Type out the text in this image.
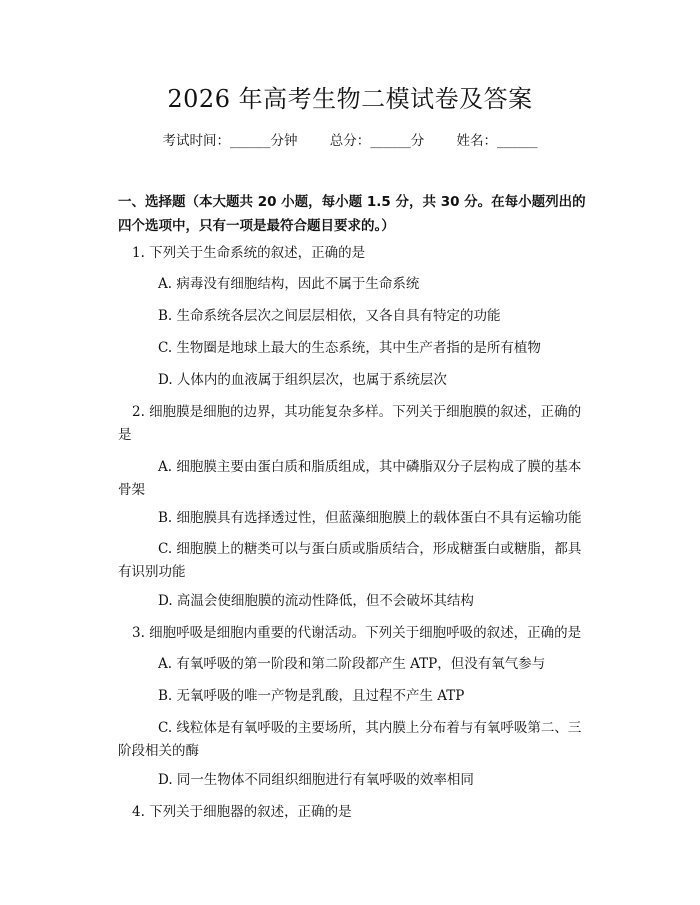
2026 年高考生物二模试卷及答案
考试时间：______分钟 总分：______分 姓名：______
一、选择题（本大题共 20 小题，每小题 1.5 分，共 30 分。在每小题列出的四个选项中，只有一项是最符合题目要求的。）
1. 下列关于生命系统的叙述，正确的是
A. 病毒没有细胞结构，因此不属于生命系统
B. 生命系统各层次之间层层相依，又各自具有特定的功能
C. 生物圈是地球上最大的生态系统，其中生产者指的是所有植物
D. 人体内的血液属于组织层次，也属于系统层次
2. 细胞膜是细胞的边界，其功能复杂多样。下列关于细胞膜的叙述，正确的是
A. 细胞膜主要由蛋白质和脂质组成，其中磷脂双分子层构成了膜的基本骨架
B. 细胞膜具有选择透过性，但蓝藻细胞膜上的载体蛋白不具有运输功能
C. 细胞膜上的糖类可以与蛋白质或脂质结合，形成糖蛋白或糖脂，都具有识别功能
D. 高温会使细胞膜的流动性降低，但不会破坏其结构
3. 细胞呼吸是细胞内重要的代谢活动。下列关于细胞呼吸的叙述，正确的是
A. 有氧呼吸的第一阶段和第二阶段都产生 ATP，但没有氧气参与
B. 无氧呼吸的唯一产物是乳酸，且过程不产生 ATP
C. 线粒体是有氧呼吸的主要场所，其内膜上分布着与有氧呼吸第二、三阶段相关的酶
D. 同一生物体不同组织细胞进行有氧呼吸的效率相同
4. 下列关于细胞器的叙述，正确的是
